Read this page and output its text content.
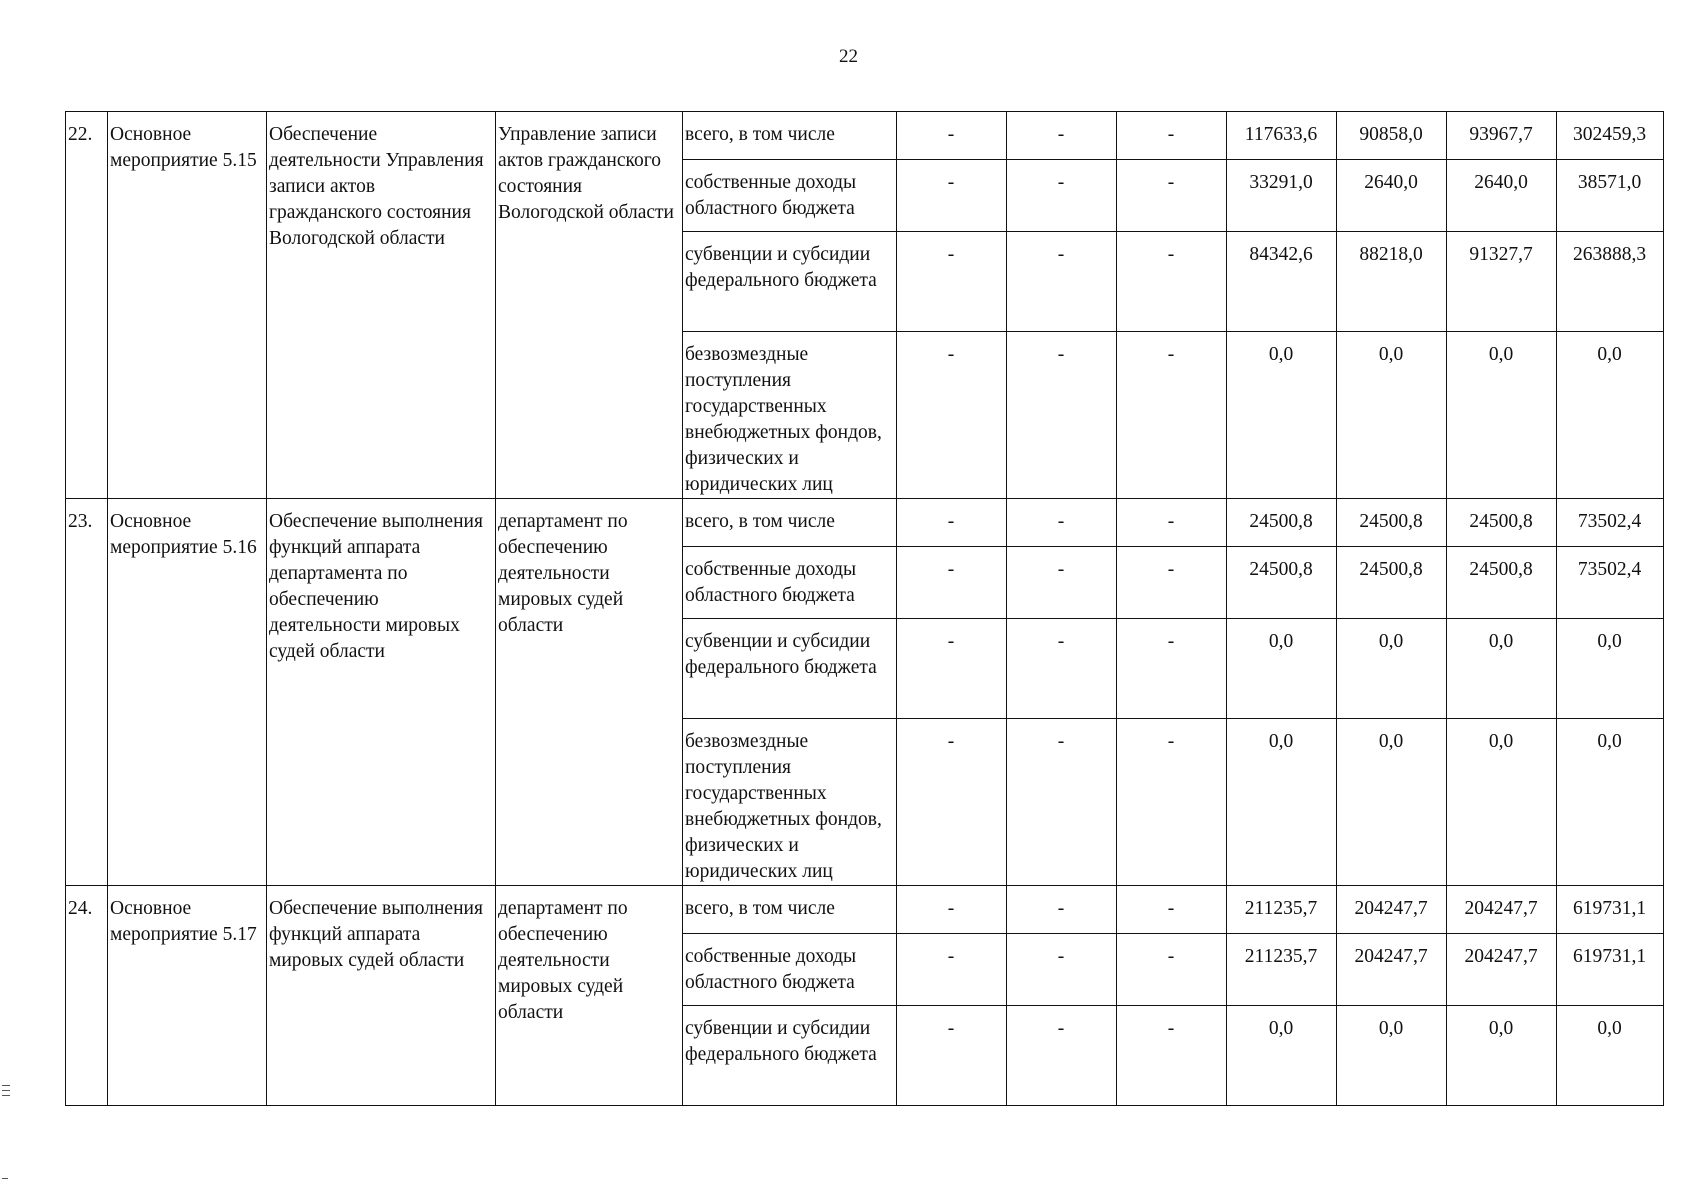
22
22.	Основное мероприятие 5.15	Обеспечение деятельности Управления записи актов гражданского состояния Вологодской области	Управление записи актов гражданского состояния Вологодской области	всего, в том числе	-	-	-	117633,6	90858,0	93967,7	302459,3
				собственные доходы областного бюджета	-	-	-	33291,0	2640,0	2640,0	38571,0
				субвенции и субсидии федерального бюджета	-	-	-	84342,6	88218,0	91327,7	263888,3
				безвозмездные поступления государственных внебюджетных фондов, физических и юридических лиц	-	-	-	0,0	0,0	0,0	0,0
23.	Основное мероприятие 5.16	Обеспечение выполнения функций аппарата департамента по обеспечению деятельности мировых судей области	департамент по обеспечению деятельности мировых судей области	всего, в том числе	-	-	-	24500,8	24500,8	24500,8	73502,4
				собственные доходы областного бюджета	-	-	-	24500,8	24500,8	24500,8	73502,4
				субвенции и субсидии федерального бюджета	-	-	-	0,0	0,0	0,0	0,0
				безвозмездные поступления государственных внебюджетных фондов, физических и юридических лиц	-	-	-	0,0	0,0	0,0	0,0
24.	Основное мероприятие 5.17	Обеспечение выполнения функций аппарата мировых судей области	департамент по обеспечению деятельности мировых судей области	всего, в том числе	-	-	-	211235,7	204247,7	204247,7	619731,1
				собственные доходы областного бюджета	-	-	-	211235,7	204247,7	204247,7	619731,1
				субвенции и субсидии федерального бюджета	-	-	-	0,0	0,0	0,0	0,0
